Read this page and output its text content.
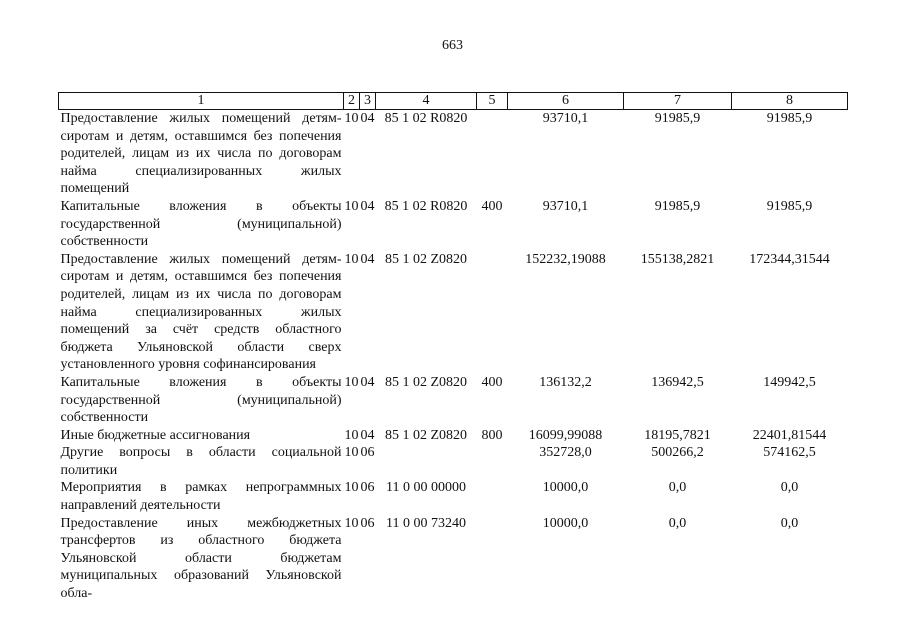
663
1	2	3	4	5	6	7	8
Предоставление жилых помещений детям-сиротам и детям, оставшимся без попечения родителей, лицам из их числа по договорам найма специализированных жилых помещений	10	04	85 1 02 R0820		93710,1	91985,9	91985,9
Капитальные вложения в объекты государственной (муниципальной) собственности	10	04	85 1 02 R0820	400	93710,1	91985,9	91985,9
Предоставление жилых помещений детям-сиротам и детям, оставшимся без попечения родителей, лицам из их числа по договорам найма специализированных жилых помещений за счёт средств областного бюджета Ульяновской области сверх установленного уровня софинансирования	10	04	85 1 02 Z0820		152232,19088	155138,2821	172344,31544
Капитальные вложения в объекты государственной (муниципальной) собственности	10	04	85 1 02 Z0820	400	136132,2	136942,5	149942,5
Иные бюджетные ассигнования	10	04	85 1 02 Z0820	800	16099,99088	18195,7821	22401,81544
Другие вопросы в области социальной политики	10	06			352728,0	500266,2	574162,5
Мероприятия в рамках непрограммных направлений деятельности	10	06	11 0 00 00000		10000,0	0,0	0,0
Предоставление иных межбюджетных трансфертов из областного бюджета Ульяновской области бюджетам муниципальных образований Ульяновской обла-	10	06	11 0 00 73240		10000,0	0,0	0,0
